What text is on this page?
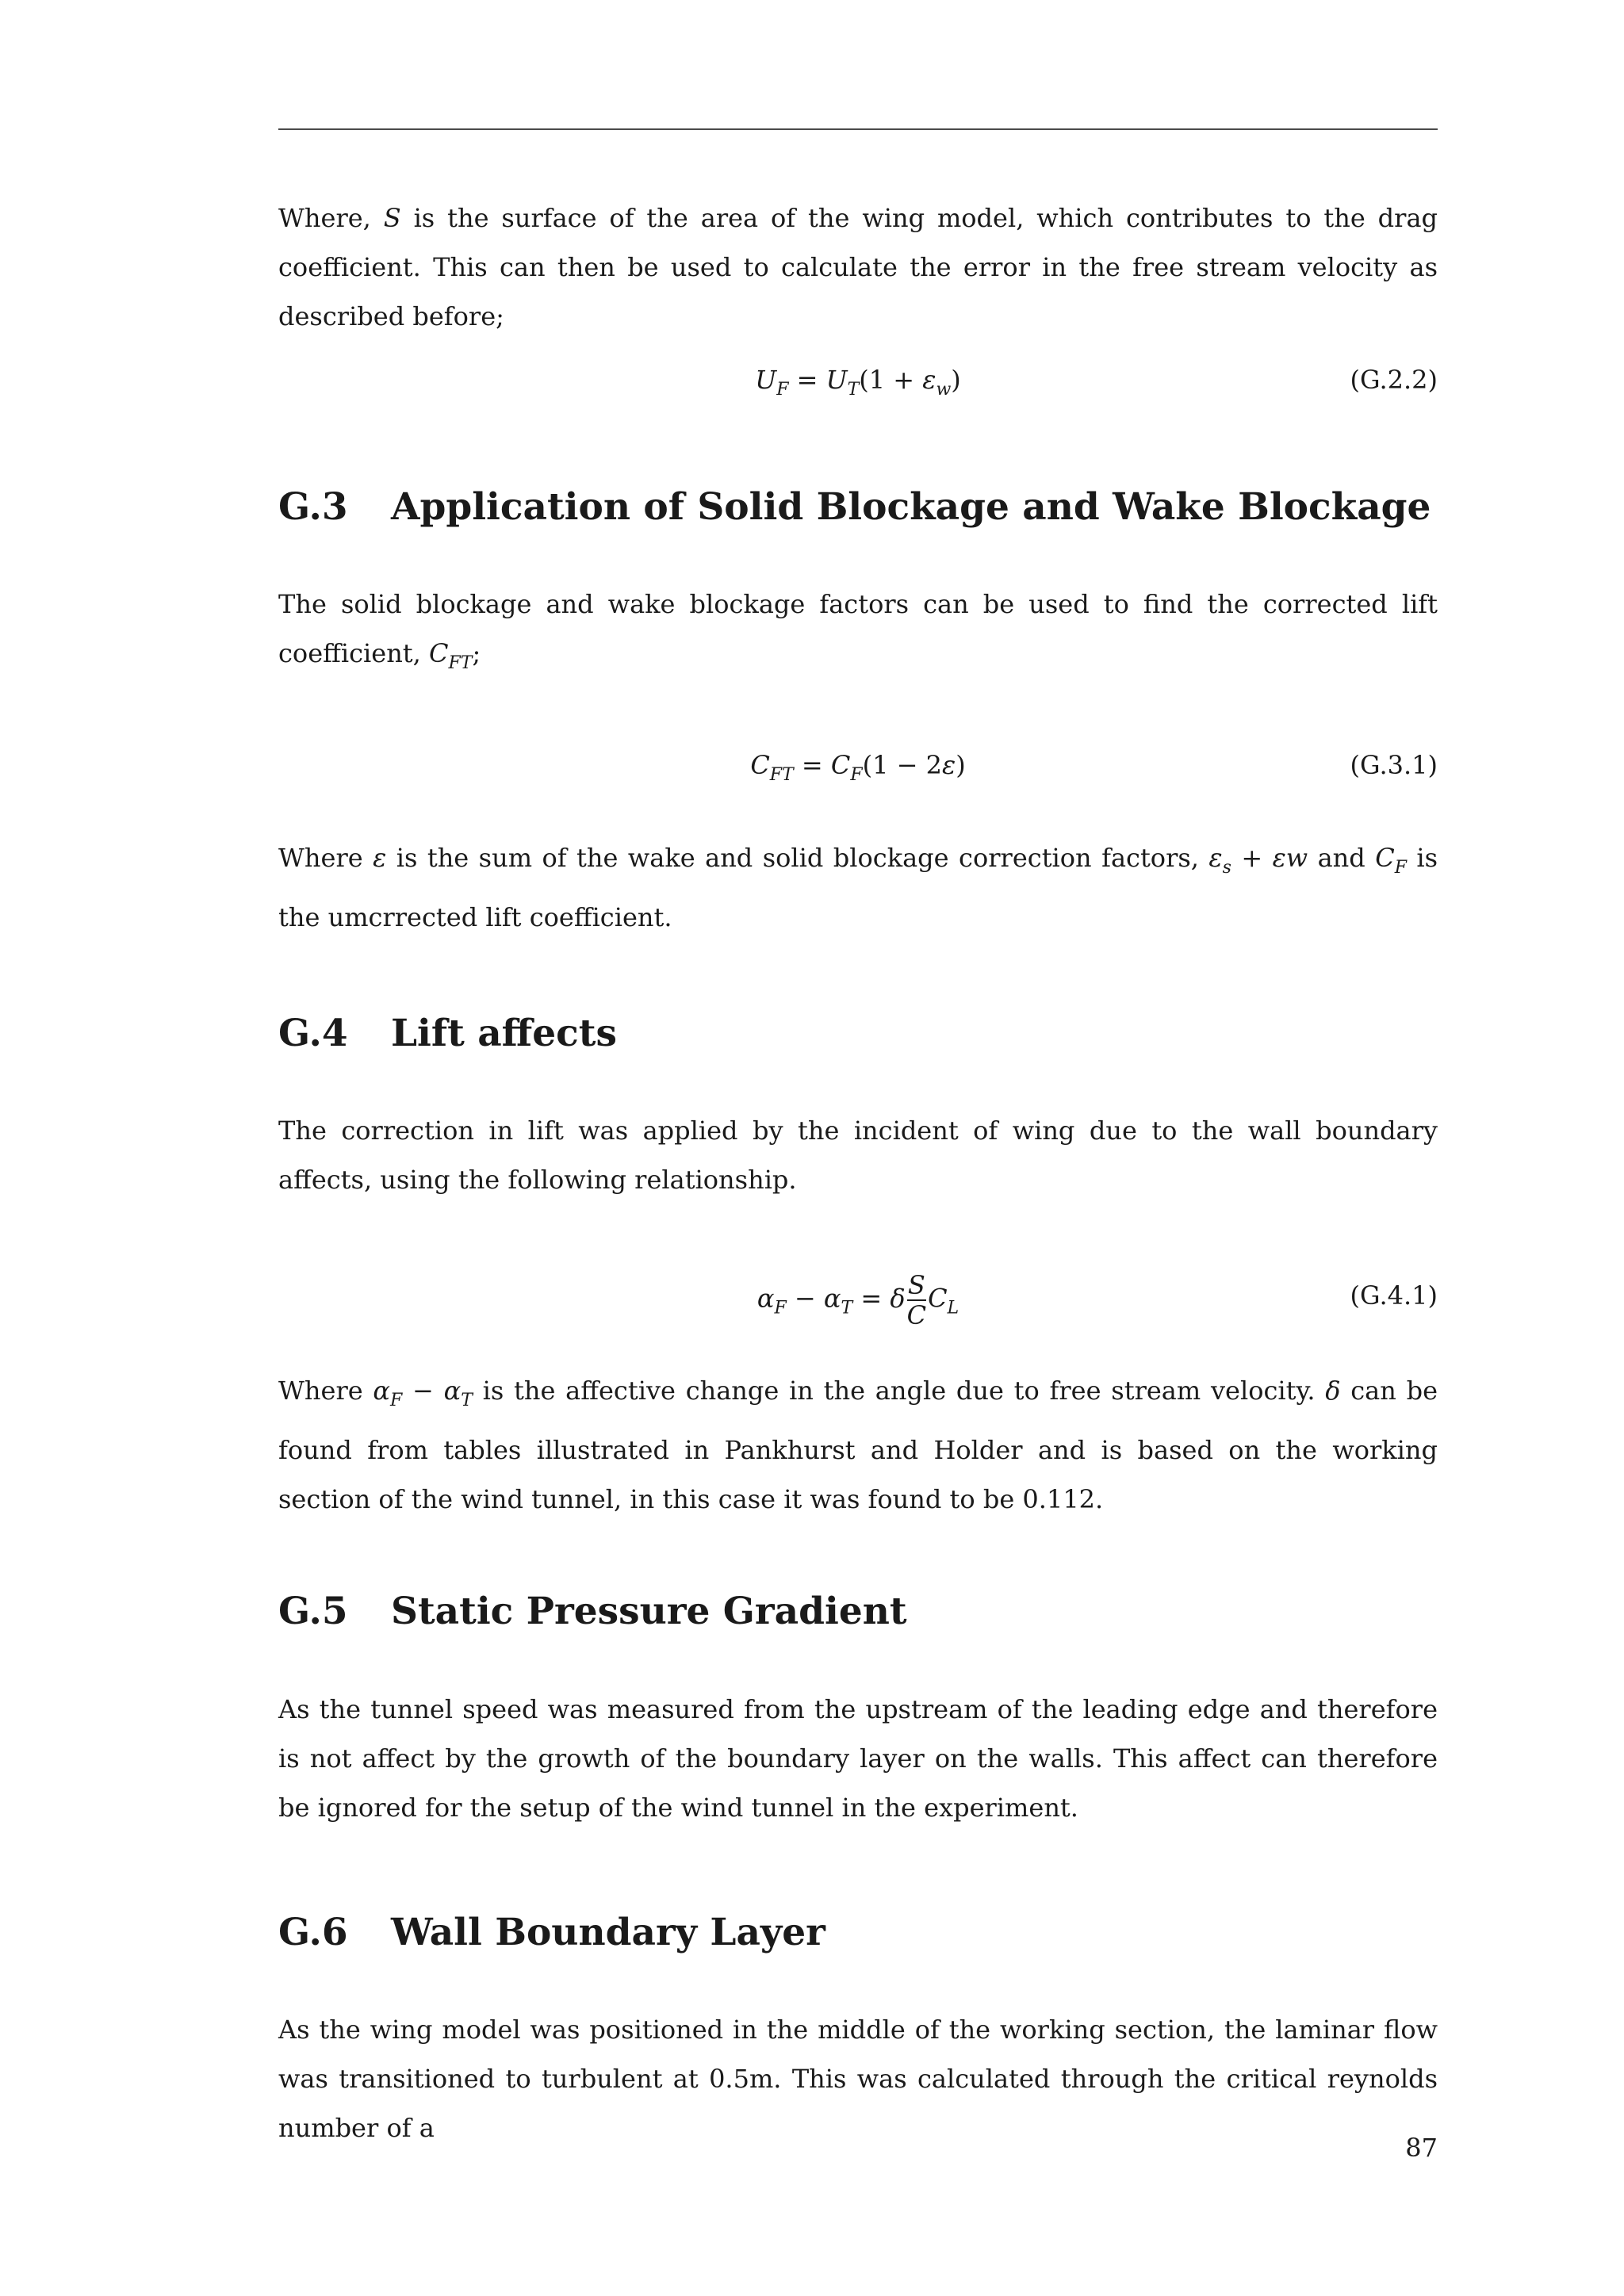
Where, S is the surface of the area of the wing model, which contributes to the drag coefficient. This can then be used to calculate the error in the free stream velocity as described before;

$U_F = U_T(1 + \varepsilon_w)$	(G.2.2)
G.3 Application of Solid Blockage and Wake Blockage

The solid blockage and wake blockage factors can be used to find the corrected lift coefficient, $C_{FT}$;

$C_{FT} = C_F(1 - 2\varepsilon)$	(G.3.1)

Where ε is the sum of the wake and solid blockage correction factors, $\varepsilon_s + \varepsilon w$ and $C_F$ is the umcrrected lift coefficient.

G.4 Lift affects

The correction in lift was applied by the incident of wing due to the wall boundary affects, using the following relationship.

$\alpha_F - \alpha_T = \delta \frac{S}{C} C_L$	(G.4.1)

Where $\alpha_F - \alpha_T$ is the affective change in the angle due to free stream velocity. δ can be found from tables illustrated in Pankhurst and Holder and is based on the working section of the wind tunnel, in this case it was found to be 0.112.

G.5 Static Pressure Gradient

As the tunnel speed was measured from the upstream of the leading edge and therefore is not affect by the growth of the boundary layer on the walls. This affect can therefore be ignored for the setup of the wind tunnel in the experiment.

G.6 Wall Boundary Layer

As the wing model was positioned in the middle of the working section, the laminar flow was transitioned to turbulent at 0.5m. This was calculated through the critical reynolds number of a

87
